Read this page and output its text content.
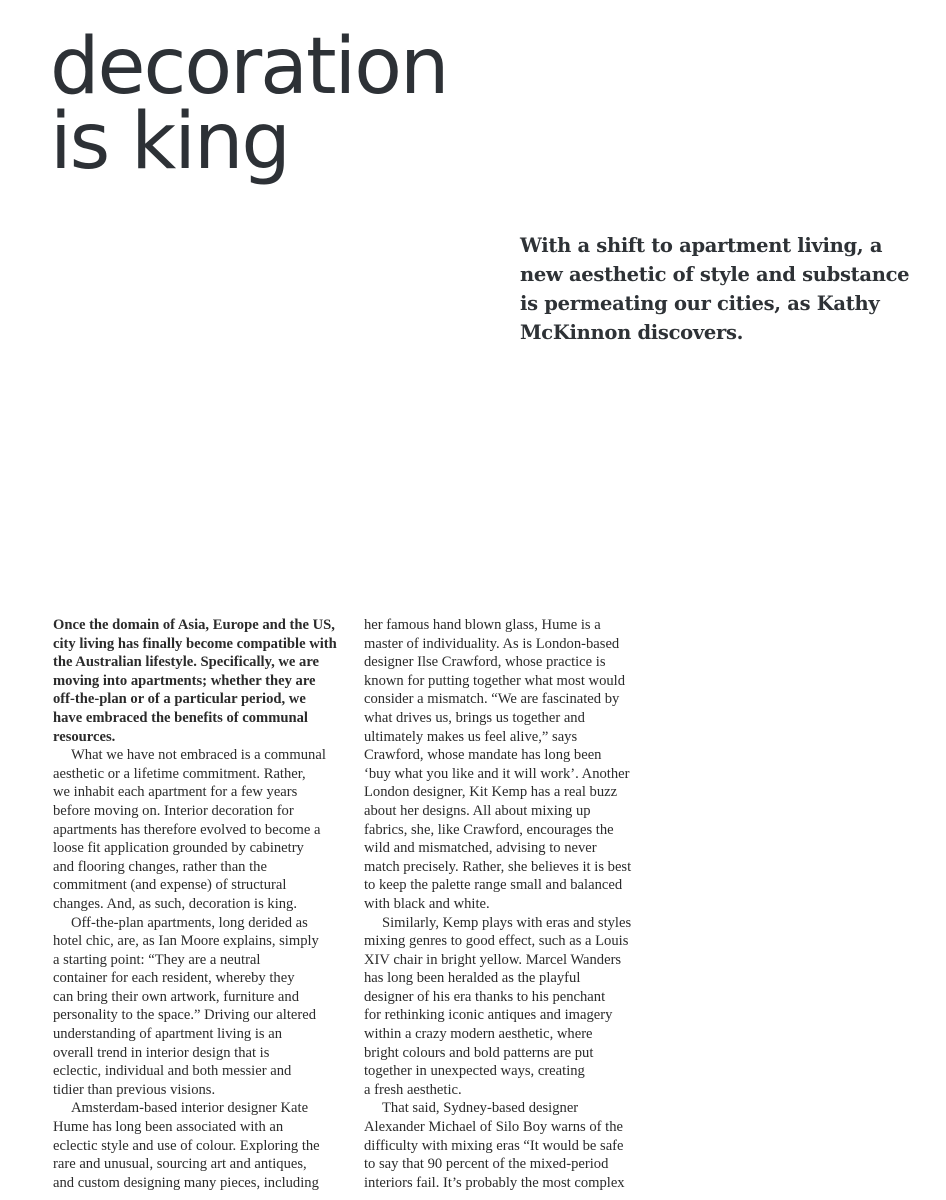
decoration
is king
With a shift to apartment living, a
new aesthetic of style and substance
is permeating our cities, as Kathy
McKinnon discovers.

Once the domain of Asia, Europe and the US,
city living has finally become compatible with
the Australian lifestyle. Specifically, we are
moving into apartments; whether they are
off-the-plan or of a particular period, we
have embraced the benefits of communal
resources.

What we have not embraced is a communal
aesthetic or a lifetime commitment. Rather,
we inhabit each apartment for a few years
before moving on. Interior decoration for
apartments has therefore evolved to become a
loose fit application grounded by cabinetry
and flooring changes, rather than the
commitment (and expense) of structural
changes. And, as such, decoration is king.

Off-the-plan apartments, long derided as
hotel chic, are, as Ian Moore explains, simply
a starting point: “They are a neutral
container for each resident, whereby they
can bring their own artwork, furniture and
personality to the space.” Driving our altered
understanding of apartment living is an
overall trend in interior design that is
eclectic, individual and both messier and
tidier than previous visions.

Amsterdam-based interior designer Kate
Hume has long been associated with an
eclectic style and use of colour. Exploring the
rare and unusual, sourcing art and antiques,
and custom designing many pieces, including

her famous hand blown glass, Hume is a
master of individuality. As is London-based
designer Ilse Crawford, whose practice is
known for putting together what most would
consider a mismatch. “We are fascinated by
what drives us, brings us together and
ultimately makes us feel alive,” says
Crawford, whose mandate has long been
‘buy what you like and it will work’. Another
London designer, Kit Kemp has a real buzz
about her designs. All about mixing up
fabrics, she, like Crawford, encourages the
wild and mismatched, advising to never
match precisely. Rather, she believes it is best
to keep the palette range small and balanced
with black and white.

Similarly, Kemp plays with eras and styles
mixing genres to good effect, such as a Louis
XIV chair in bright yellow. Marcel Wanders
has long been heralded as the playful
designer of his era thanks to his penchant
for rethinking iconic antiques and imagery
within a crazy modern aesthetic, where
bright colours and bold patterns are put
together in unexpected ways, creating
a fresh aesthetic.

That said, Sydney-based designer
Alexander Michael of Silo Boy warns of the
difficulty with mixing eras “It would be safe
to say that 90 percent of the mixed-period
interiors fail. It’s probably the most complex
